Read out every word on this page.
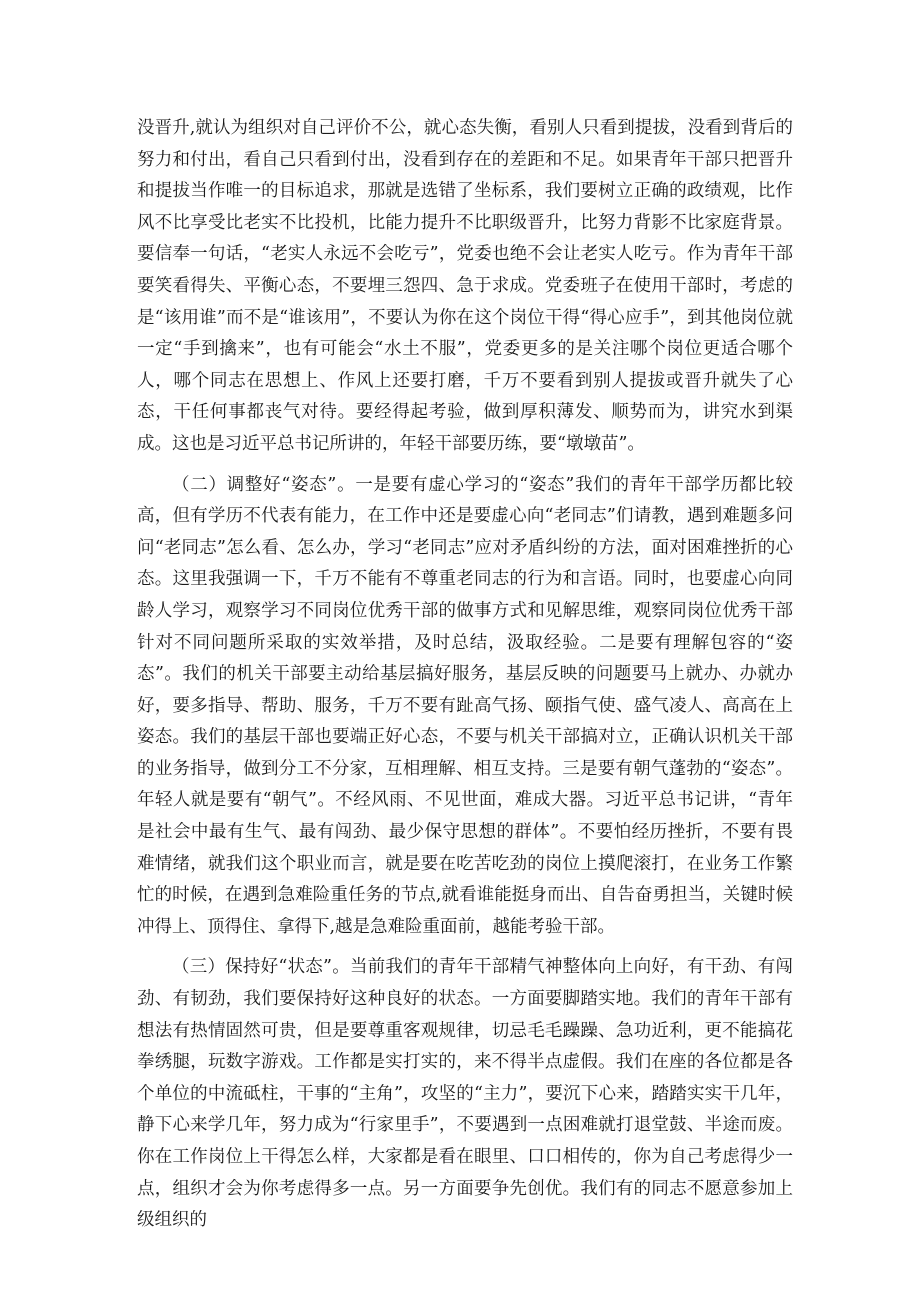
没晋升,就认为组织对自己评价不公，就心态失衡，看别人只看到提拔，没看到背后的努力和付出，看自己只看到付出，没看到存在的差距和不足。如果青年干部只把晋升和提拔当作唯一的目标追求，那就是选错了坐标系，我们要树立正确的政绩观，比作风不比享受比老实不比投机，比能力提升不比职级晋升，比努力背影不比家庭背景。要信奉一句话，“老实人永远不会吃亏”，党委也绝不会让老实人吃亏。作为青年干部要笑看得失、平衡心态，不要埋三怨四、急于求成。党委班子在使用干部时，考虑的是“该用谁”而不是“谁该用”，不要认为你在这个岗位干得“得心应手”，到其他岗位就一定“手到擒来”，也有可能会“水土不服”，党委更多的是关注哪个岗位更适合哪个人，哪个同志在思想上、作风上还要打磨，千万不要看到别人提拔或晋升就失了心态，干任何事都丧气对待。要经得起考验，做到厚积薄发、顺势而为，讲究水到渠成。这也是习近平总书记所讲的，年轻干部要历练，要“墩墩苗”。

（二）调整好“姿态”。一是要有虚心学习的“姿态”我们的青年干部学历都比较高，但有学历不代表有能力，在工作中还是要虚心向“老同志”们请教，遇到难题多问问“老同志”怎么看、怎么办，学习“老同志”应对矛盾纠纷的方法，面对困难挫折的心态。这里我强调一下，千万不能有不尊重老同志的行为和言语。同时，也要虚心向同龄人学习，观察学习不同岗位优秀干部的做事方式和见解思维，观察同岗位优秀干部针对不同问题所采取的实效举措，及时总结，汲取经验。二是要有理解包容的“姿态”。我们的机关干部要主动给基层搞好服务，基层反映的问题要马上就办、办就办好，要多指导、帮助、服务，千万不要有趾高气扬、颐指气使、盛气凌人、高高在上姿态。我们的基层干部也要端正好心态，不要与机关干部搞对立，正确认识机关干部的业务指导，做到分工不分家，互相理解、相互支持。三是要有朝气蓬勃的“姿态”。年轻人就是要有“朝气”。不经风雨、不见世面，难成大器。习近平总书记讲，“青年是社会中最有生气、最有闯劲、最少保守思想的群体”。不要怕经历挫折，不要有畏难情绪，就我们这个职业而言，就是要在吃苦吃劲的岗位上摸爬滚打，在业务工作繁忙的时候，在遇到急难险重任务的节点,就看谁能挺身而出、自告奋勇担当，关键时候冲得上、顶得住、拿得下,越是急难险重面前，越能考验干部。

（三）保持好“状态”。当前我们的青年干部精气神整体向上向好，有干劲、有闯劲、有韧劲，我们要保持好这种良好的状态。一方面要脚踏实地。我们的青年干部有想法有热情固然可贵，但是要尊重客观规律，切忌毛毛躁躁、急功近利，更不能搞花拳绣腿，玩数字游戏。工作都是实打实的，来不得半点虚假。我们在座的各位都是各个单位的中流砥柱，干事的“主角”，攻坚的“主力”，要沉下心来，踏踏实实干几年，静下心来学几年，努力成为“行家里手”，不要遇到一点困难就打退堂鼓、半途而废。你在工作岗位上干得怎么样，大家都是看在眼里、口口相传的，你为自己考虑得少一点，组织才会为你考虑得多一点。另一方面要争先创优。我们有的同志不愿意参加上级组织的
